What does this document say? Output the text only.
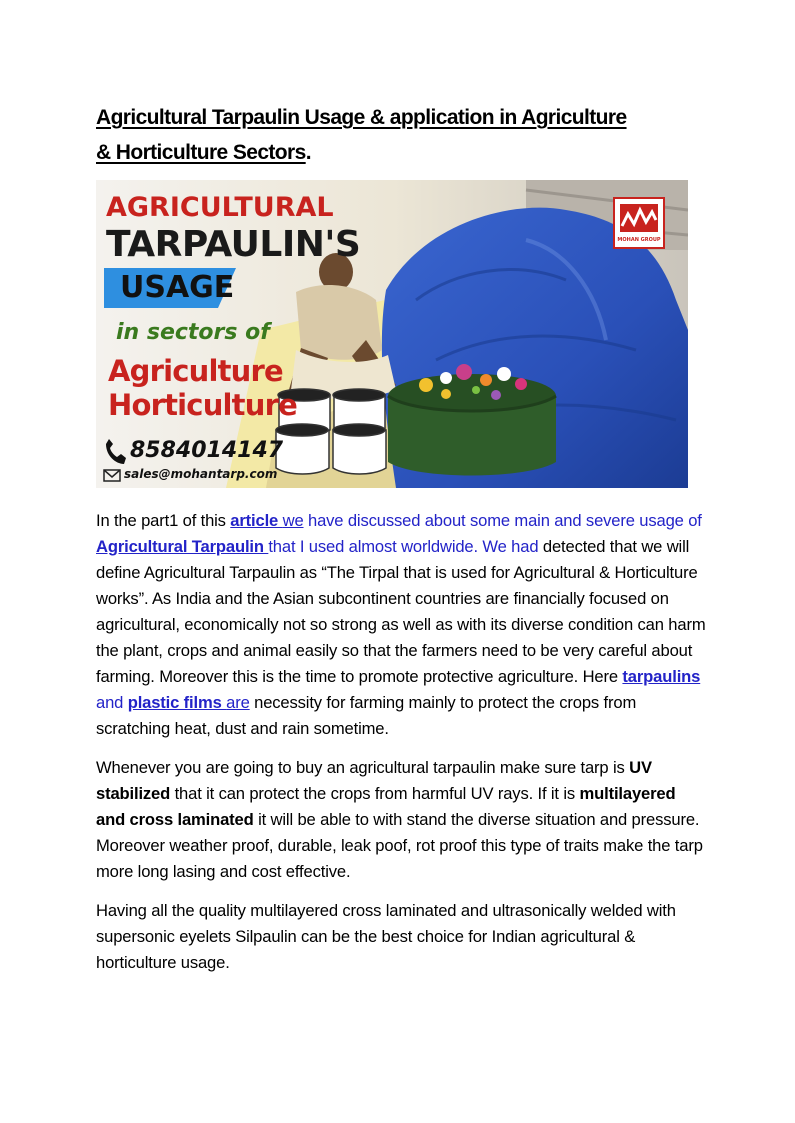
Agricultural Tarpaulin Usage & application in Agriculture
& Horticulture Sectors.
AGRICULTURAL
TARPAULIN'S
USAGE
in sectors of
Agriculture
Horticulture
8584014147
sales@mohantarp.com
MOHAN GROUP

In the part1 of this article we have discussed about some main and severe usage of Agricultural Tarpaulin that I used almost worldwide. We had detected that we will define Agricultural Tarpaulin as “The Tirpal that is used for Agricultural & Horticulture works”. As India and the Asian subcontinent countries are financially focused on agricultural, economically not so strong as well as with its diverse condition can harm the plant, crops and animal easily so that the farmers need to be very careful about farming. Moreover this is the time to promote protective agriculture. Here tarpaulins and plastic films are necessity for farming mainly to protect the crops from scratching heat, dust and rain sometime.

Whenever you are going to buy an agricultural tarpaulin make sure tarp is UV stabilized that it can protect the crops from harmful UV rays. If it is multilayered and cross laminated it will be able to with stand the diverse situation and pressure. Moreover weather proof, durable, leak poof, rot proof this type of traits make the tarp more long lasing and cost effective.

Having all the quality multilayered cross laminated and ultrasonically welded with supersonic eyelets Silpaulin can be the best choice for Indian agricultural & horticulture usage.
